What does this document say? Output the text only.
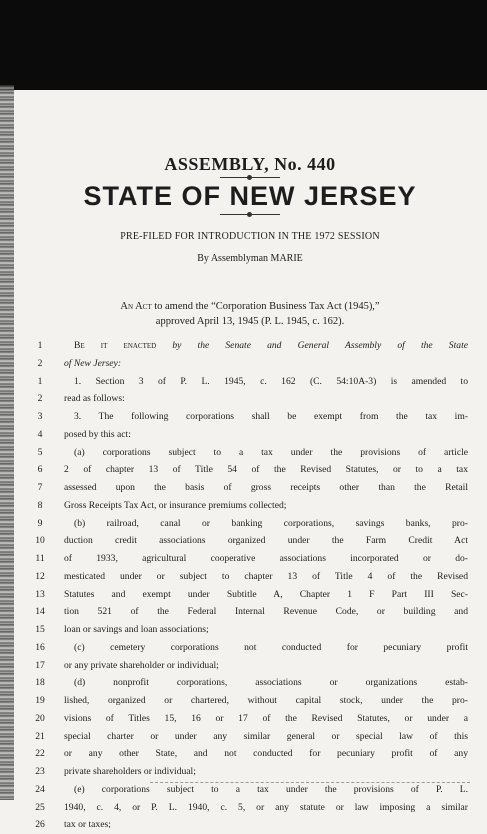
ASSEMBLY, No. 440
STATE OF NEW JERSEY
PRE-FILED FOR INTRODUCTION IN THE 1972 SESSION
By Assemblyman MARIE
An Act to amend the “Corporation Business Tax Act (1945),”
approved April 13, 1945 (P. L. 1945, c. 162).
1	Be it enacted by the Senate and General Assembly of the State
2	of New Jersey:
1	1. Section 3 of P. L. 1945, c. 162 (C. 54:10A-3) is amended to
2	read as follows:
3	3. The following corporations shall be exempt from the tax im-
4	posed by this act:
5	(a) corporations subject to a tax under the provisions of article
6	2 of chapter 13 of Title 54 of the Revised Statutes, or to a tax
7	assessed upon the basis of gross receipts other than the Retail
8	Gross Receipts Tax Act, or insurance premiums collected;
9	(b) railroad, canal or banking corporations, savings banks, pro-
10	duction credit associations organized under the Farm Credit Act
11	of 1933, agricultural cooperative associations incorporated or do-
12	mesticated under or subject to chapter 13 of Title 4 of the Revised
13	Statutes and exempt under Subtitle A, Chapter 1 F Part III Sec-
14	tion 521 of the Federal Internal Revenue Code, or building and
15	loan or savings and loan associations;
16	(c) cemetery corporations not conducted for pecuniary profit
17	or any private shareholder or individual;
18	(d) nonprofit corporations, associations or organizations estab-
19	lished, organized or chartered, without capital stock, under the pro-
20	visions of Titles 15, 16 or 17 of the Revised Statutes, or under a
21	special charter or under any similar general or special law of this
22	or any other State, and not conducted for pecuniary profit of any
23	private shareholders or individual;
24	(e) corporations subject to a tax under the provisions of P. L.
25	1940, c. 4, or P. L. 1940, c. 5, or any statute or law imposing a similar
26	tax or taxes;
